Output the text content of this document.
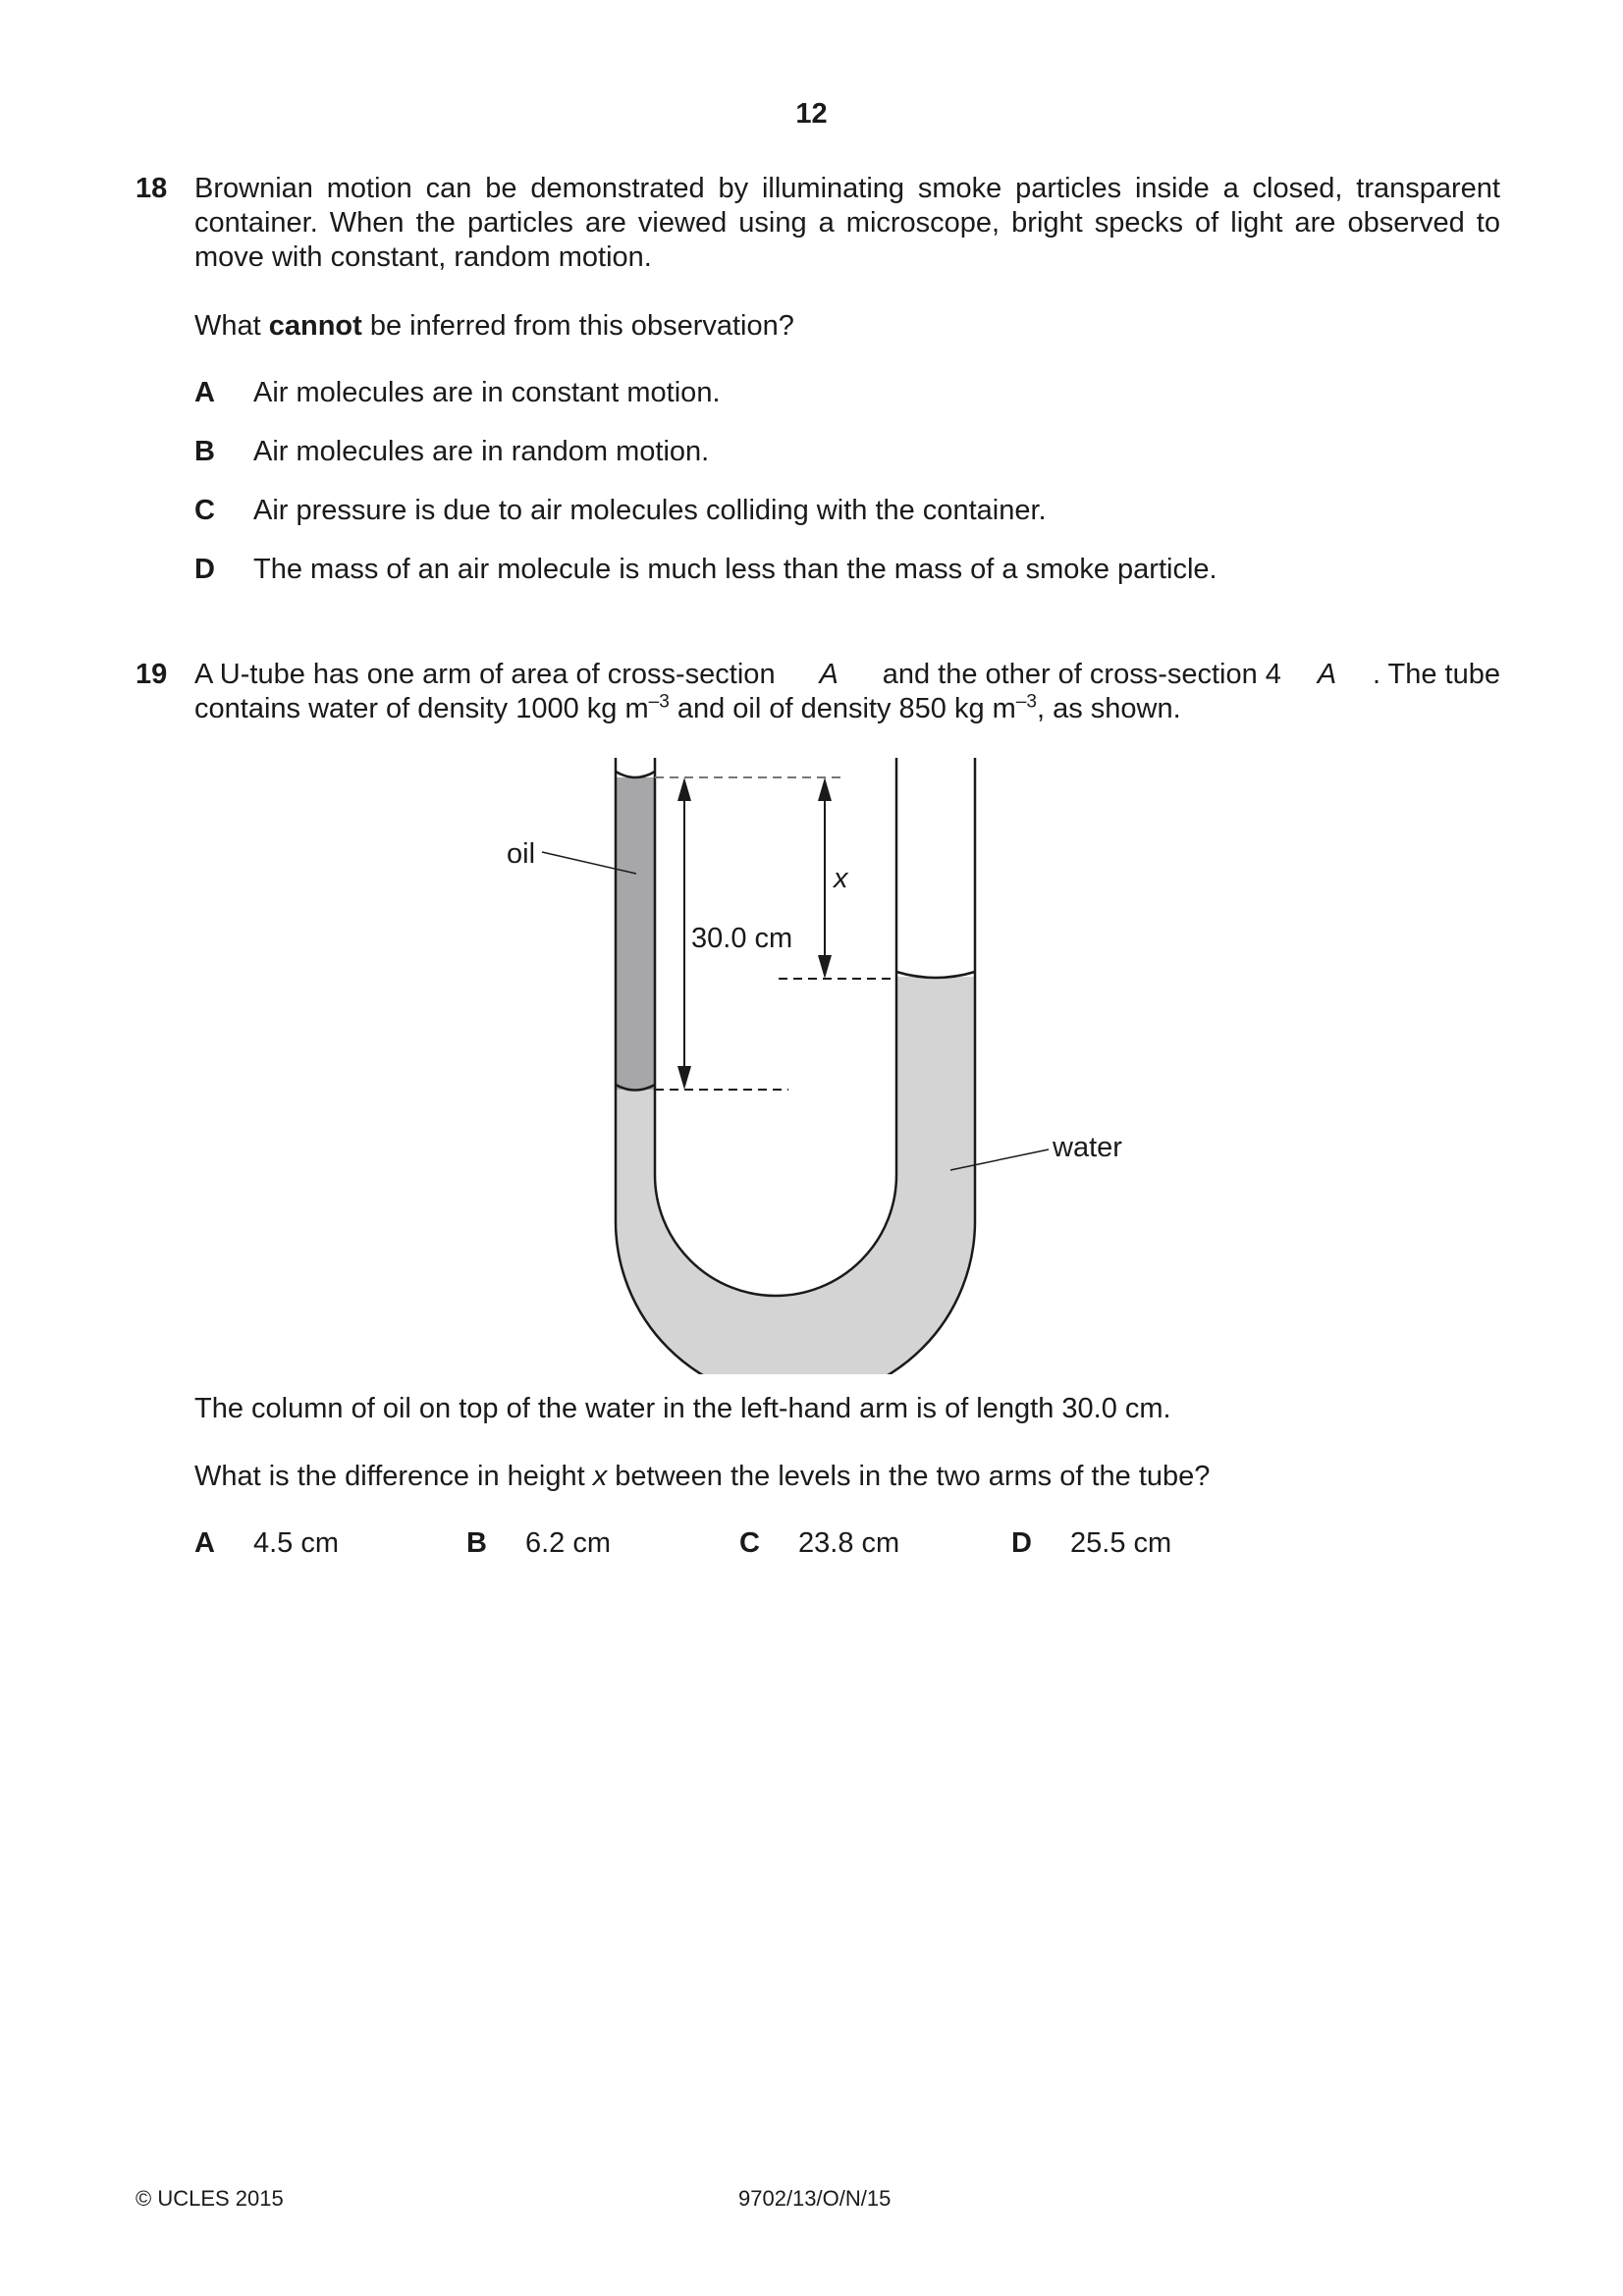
12
18 Brownian motion can be demonstrated by illuminating smoke particles inside a closed, transparent container. When the particles are viewed using a microscope, bright specks of light are observed to move with constant, random motion.
What cannot be inferred from this observation?
A Air molecules are in constant motion.
B Air molecules are in random motion.
C Air pressure is due to air molecules colliding with the container.
D The mass of an air molecule is much less than the mass of a smoke particle.
19 A U-tube has one arm of area of cross-section A and the other of cross-section 4 A . The tube
contains water of density 1000 kg $m^{-3}$ and oil of density 850 kg $m^{-3}$, as shown.
oil
water
30.0 cm
x
The column of oil on top of the water in the left-hand arm is of length 30.0 cm.
What is the difference in height x between the levels in the two arms of the tube?
A 4.5 cm	B 6.2 cm	C 23.8 cm	D 25.5 cm
© UCLES 2015	9702/13/O/N/15
